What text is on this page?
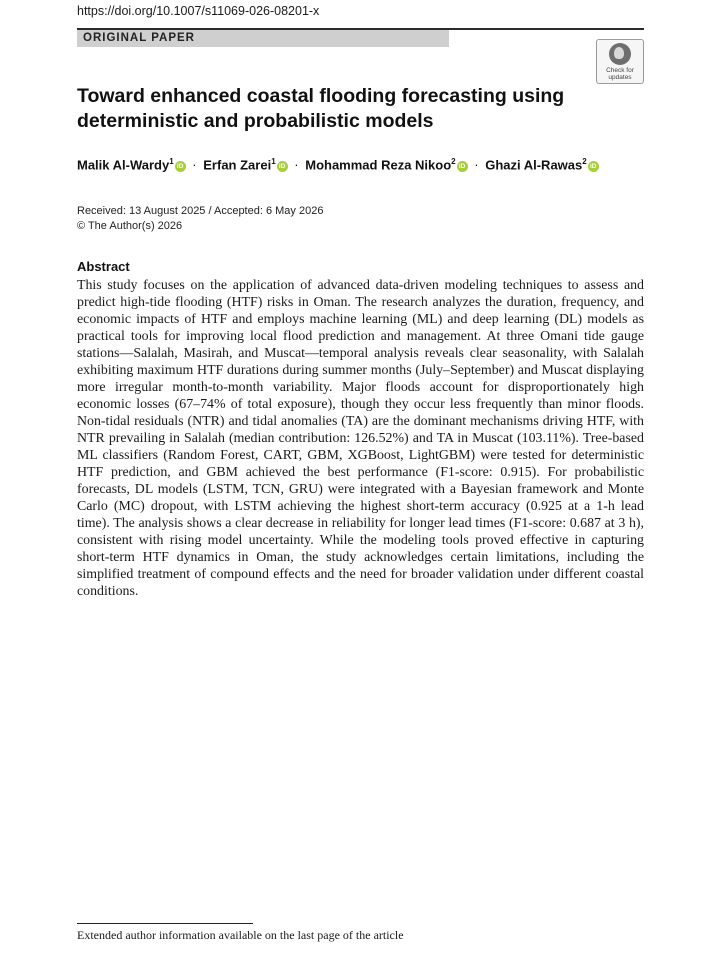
https://doi.org/10.1007/s11069-026-08201-x
ORIGINAL PAPER
Check for
updates
Toward enhanced coastal flooding forecasting using deterministic and probabilistic models
Malik Al-Wardy$^1$iD · Erfan Zarei$^1$iD · Mohammad Reza Nikoo$^2$iD · Ghazi Al-Rawas$^2$iD
Received: 13 August 2025 / Accepted: 6 May 2026
© The Author(s) 2026
Abstract
This study focuses on the application of advanced data-driven modeling techniques to assess and predict high-tide flooding (HTF) risks in Oman. The research analyzes the duration, frequency, and economic impacts of HTF and employs machine learning (ML) and deep learning (DL) models as practical tools for improving local flood prediction and management. At three Omani tide gauge stations—Salalah, Masirah, and Muscat—temporal analysis reveals clear seasonality, with Salalah exhibiting maximum HTF durations during summer months (July–September) and Muscat displaying more irregular month-to-month variability. Major floods account for disproportionately high economic losses (67–74% of total exposure), though they occur less frequently than minor floods. Non-tidal residuals (NTR) and tidal anomalies (TA) are the dominant mechanisms driving HTF, with NTR prevailing in Salalah (median contribution: 126.52%) and TA in Muscat (103.11%). Tree-based ML classifiers (Random Forest, CART, GBM, XGBoost, LightGBM) were tested for deterministic HTF prediction, and GBM achieved the best performance (F1-score: 0.915). For probabilistic forecasts, DL models (LSTM, TCN, GRU) were integrated with a Bayesian framework and Monte Carlo (MC) dropout, with LSTM achieving the highest short-term accuracy (0.925 at a 1-h lead time). The analysis shows a clear decrease in reliability for longer lead times (F1-score: 0.687 at 3 h), consistent with rising model uncertainty. While the modeling tools proved effective in capturing short-term HTF dynamics in Oman, the study acknowledges certain limitations, including the simplified treatment of compound effects and the need for broader validation under different coastal conditions.
Extended author information available on the last page of the article
